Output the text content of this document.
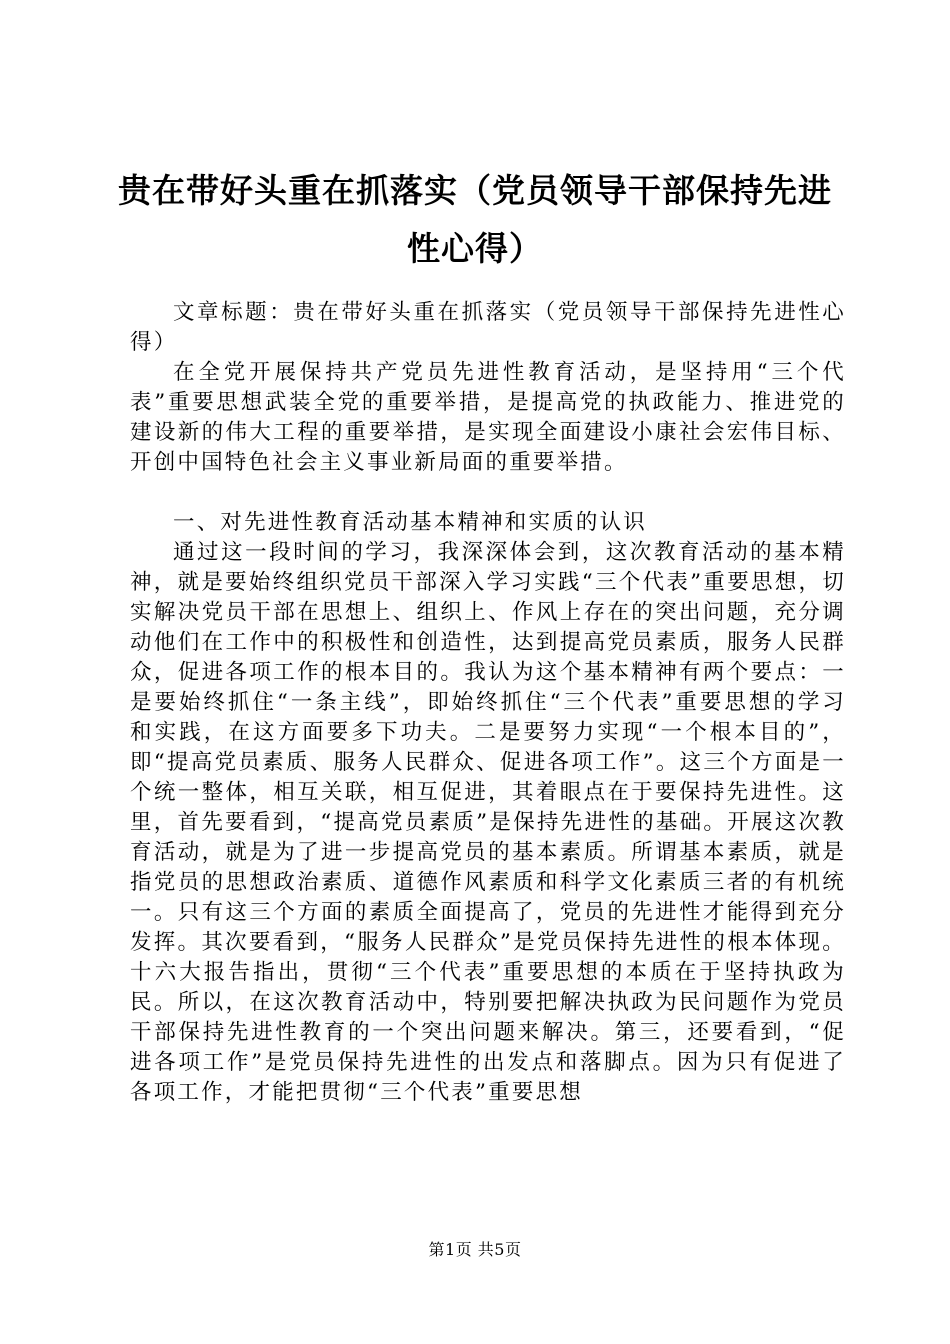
贵在带好头重在抓落实（党员领导干部保持先进性心得）

文章标题：贵在带好头重在抓落实（党员领导干部保持先进性心得）

在全党开展保持共产党员先进性教育活动，是坚持用“三个代表”重要思想武装全党的重要举措，是提高党的执政能力、推进党的建设新的伟大工程的重要举措，是实现全面建设小康社会宏伟目标、开创中国特色社会主义事业新局面的重要举措。

一、对先进性教育活动基本精神和实质的认识

通过这一段时间的学习，我深深体会到，这次教育活动的基本精神，就是要始终组织党员干部深入学习实践“三个代表”重要思想，切实解决党员干部在思想上、组织上、作风上存在的突出问题，充分调动他们在工作中的积极性和创造性，达到提高党员素质，服务人民群众，促进各项工作的根本目的。我认为这个基本精神有两个要点：一是要始终抓住“一条主线”，即始终抓住“三个代表”重要思想的学习和实践，在这方面要多下功夫。二是要努力实现“一个根本目的”，即“提高党员素质、服务人民群众、促进各项工作”。这三个方面是一个统一整体，相互关联，相互促进，其着眼点在于要保持先进性。这里，首先要看到，“提高党员素质”是保持先进性的基础。开展这次教育活动，就是为了进一步提高党员的基本素质。所谓基本素质，就是指党员的思想政治素质、道德作风素质和科学文化素质三者的有机统一。只有这三个方面的素质全面提高了，党员的先进性才能得到充分发挥。其次要看到，“服务人民群众”是党员保持先进性的根本体现。十六大报告指出，贯彻“三个代表”重要思想的本质在于坚持执政为民。所以，在这次教育活动中，特别要把解决执政为民问题作为党员干部保持先进性教育的一个突出问题来解决。第三，还要看到，“促进各项工作”是党员保持先进性的出发点和落脚点。因为只有促进了各项工作，才能把贯彻“三个代表”重要思想

第1页 共5页
